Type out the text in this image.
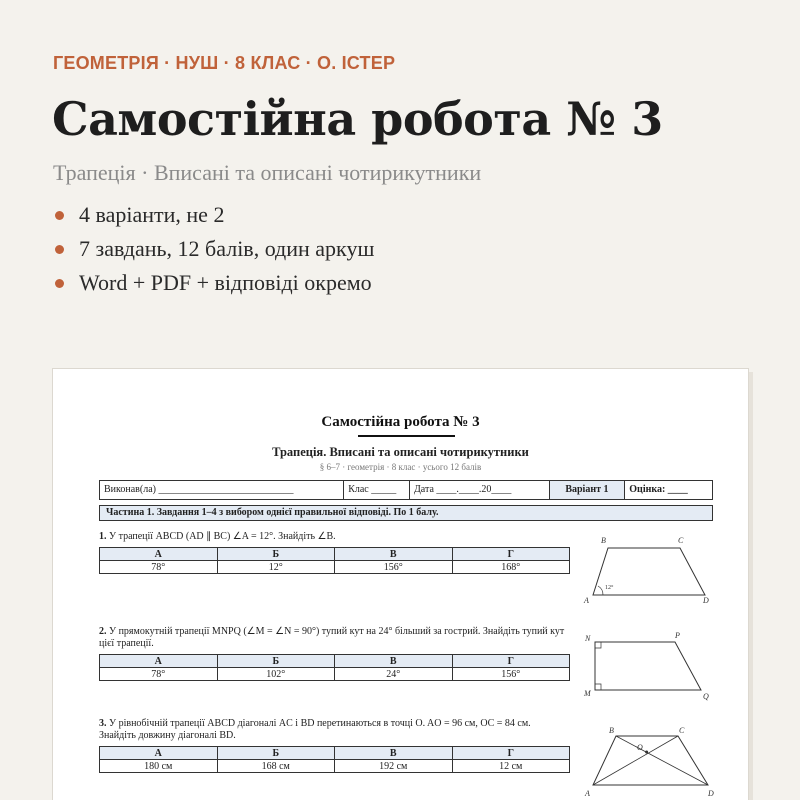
ГЕОМЕТРІЯ · НУШ · 8 КЛАС · О. ІСТЕР
Самостійна робота № 3
Трапеція · Вписані та описані чотирикутники
4 варіанти, не 2
7 завдань, 12 балів, один аркуш
Word + PDF + відповіді окремо
Самостійна робота № 3
Трапеція. Вписані та описані чотирикутники
§ 6–7 · геометрія · 8 клас · усього 12 балів
Виконав(ла) ___________________________	Клас _____	Дата ____.____.20____	Варіант 1	Оцінка: ____
Частина 1. Завдання 1–4 з вибором однієї правильної відповіді. По 1 балу.
1. У трапеції ABCD (AD ∥ BC) ∠A = 12°. Знайдіть ∠B.
А	Б	В	Г
78°	12°	156°	168°
B	C
A	D
12°
2. У прямокутній трапеції MNPQ (∠M = ∠N = 90°) тупий кут на 24° більший за гострий. Знайдіть тупий кут цієї трапеції.
А	Б	В	Г
78°	102°	24°	156°
N	P
M	Q
3. У рівнобічній трапеції ABCD діагоналі AC і BD перетинаються в точці O. AO = 96 см, OC = 84 см. Знайдіть довжину діагоналі BD.
А	Б	В	Г
180 см	168 см	192 см	12 см
B	C
O
A	D
